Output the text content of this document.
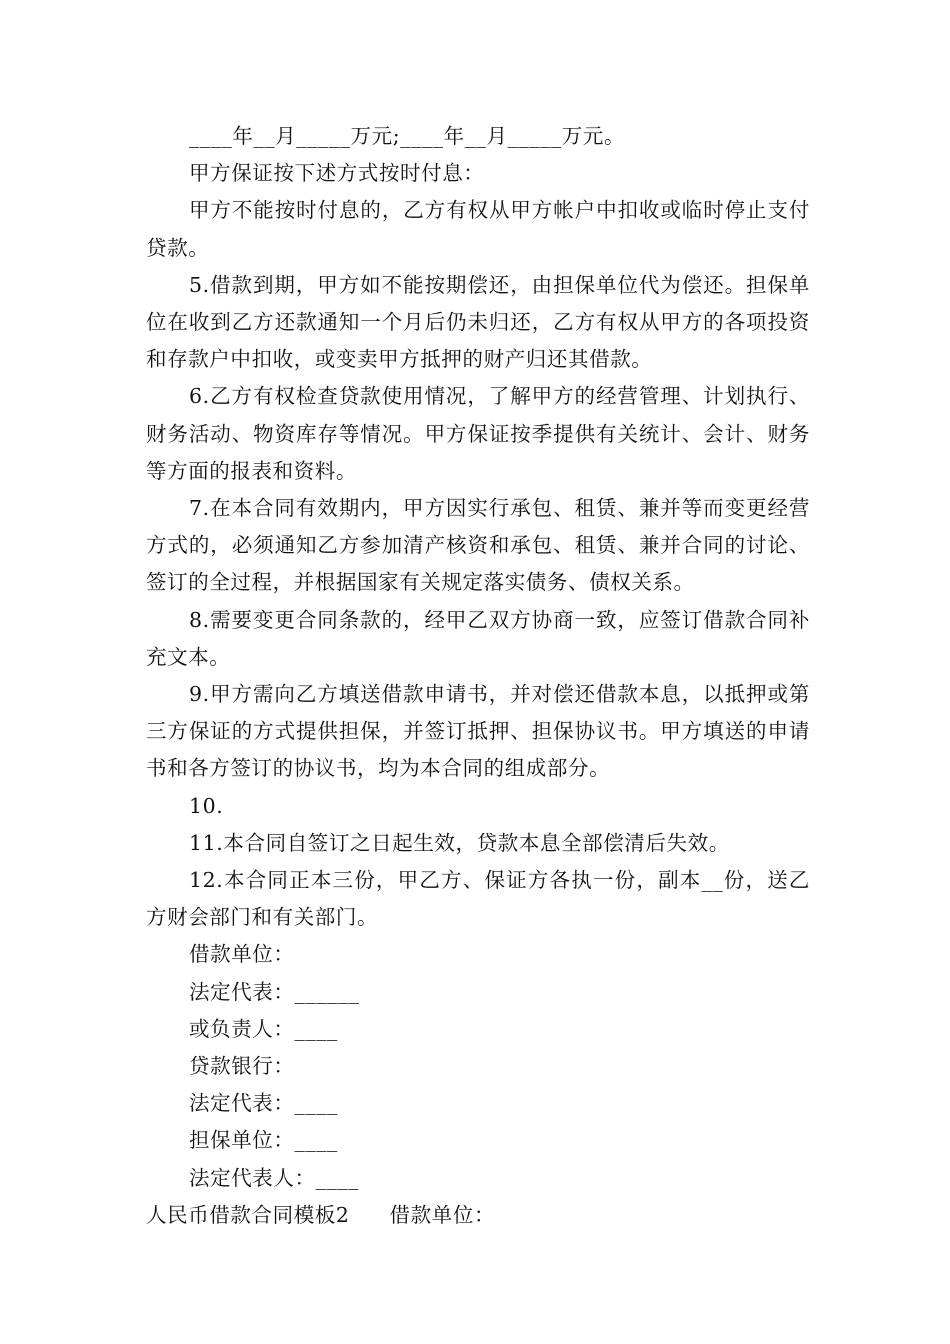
____年__月_____万元;____年__月_____万元。

甲方保证按下述方式按时付息：

甲方不能按时付息的，乙方有权从甲方帐户中扣收或临时停止支付贷款。

5.借款到期，甲方如不能按期偿还，由担保单位代为偿还。担保单位在收到乙方还款通知一个月后仍未归还，乙方有权从甲方的各项投资和存款户中扣收，或变卖甲方抵押的财产归还其借款。

6.乙方有权检查贷款使用情况，了解甲方的经营管理、计划执行、财务活动、物资库存等情况。甲方保证按季提供有关统计、会计、财务等方面的报表和资料。

7.在本合同有效期内，甲方因实行承包、租赁、兼并等而变更经营方式的，必须通知乙方参加清产核资和承包、租赁、兼并合同的讨论、签订的全过程，并根据国家有关规定落实债务、债权关系。

8.需要变更合同条款的，经甲乙双方协商一致，应签订借款合同补充文本。

9.甲方需向乙方填送借款申请书，并对偿还借款本息，以抵押或第三方保证的方式提供担保，并签订抵押、担保协议书。甲方填送的申请书和各方签订的协议书，均为本合同的组成部分。

10.

11.本合同自签订之日起生效，贷款本息全部偿清后失效。

12.本合同正本三份，甲乙方、保证方各执一份，副本__份，送乙方财会部门和有关部门。

借款单位：

法定代表：______

或负责人：____

贷款银行：

法定代表：____

担保单位：____

法定代表人：____

人民币借款合同模板2 借款单位：
